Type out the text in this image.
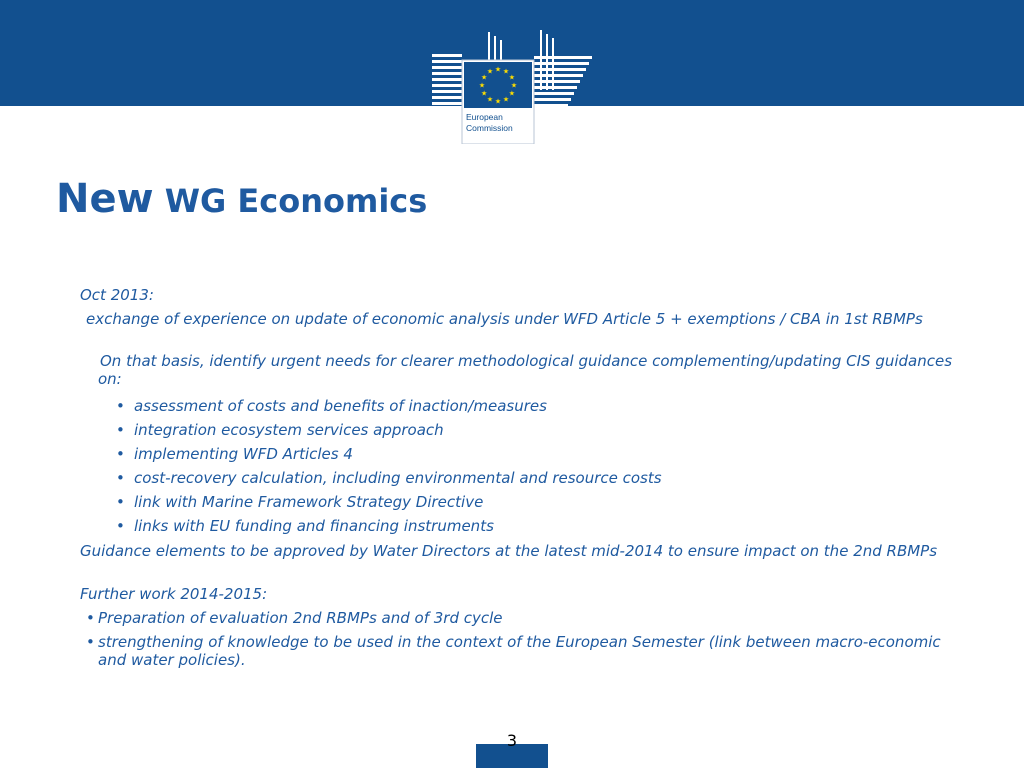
★ ★
★
★
★
★
★
★
★
★
★
★
European
Commission
New WG Economics
Oct 2013:
exchange of experience on update of economic analysis under WFD Article 5 + exemptions / CBA in 1st RBMPs
On that basis, identify urgent needs for clearer methodological guidance complementing/updating CIS guidances on:
• assessment of costs and benefits of inaction/measures
• integration ecosystem services approach
• implementing WFD Articles 4
• cost-recovery calculation, including environmental and resource costs
• link with Marine Framework Strategy Directive
• links with EU funding and financing instruments
Guidance elements to be approved by Water Directors at the latest mid-2014 to ensure impact on the 2nd RBMPs
Further work 2014-2015:
• Preparation of evaluation 2nd RBMPs and of 3rd cycle
• strengthening of knowledge to be used in the context of the European Semester (link between macro-economic and water policies).
3
